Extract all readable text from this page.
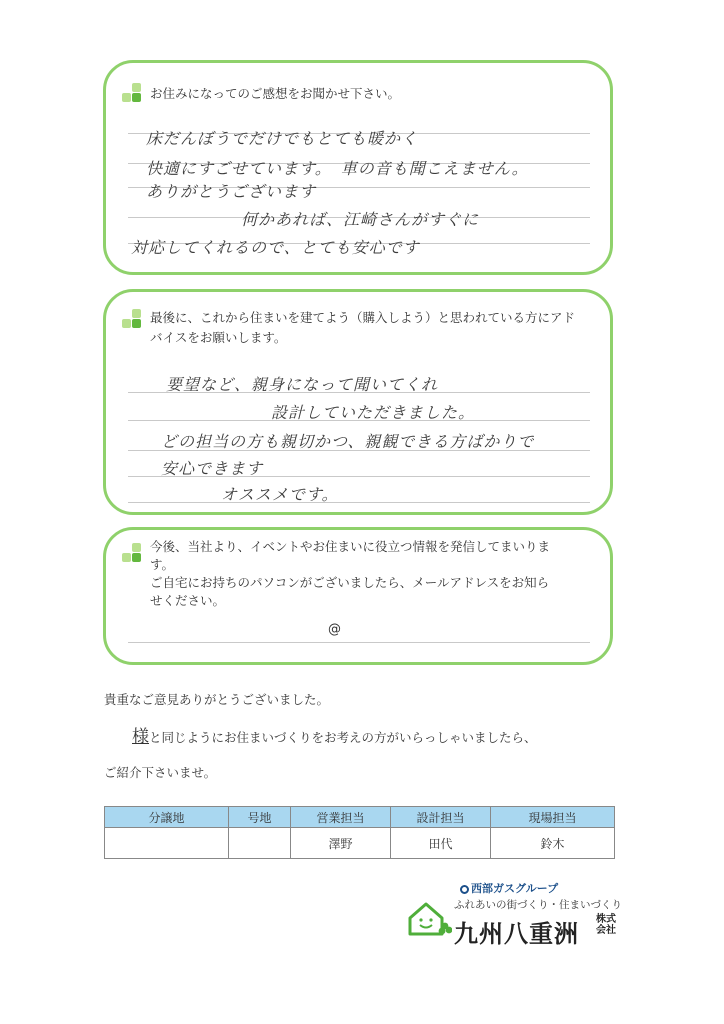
お住みになってのご感想をお聞かせ下さい。
床だんぼうでだけでもとても暖かく
快適にすごせています。　車の音も聞こえません。
ありがとうございます
何かあれば、江崎さんがすぐに
対応してくれるので、とても安心です
最後に、これから住まいを建てよう（購入しよう）と思われている方にアド
バイスをお願いします。
要望など、親身になって聞いてくれ
設計していただきました。
どの担当の方も親切かつ、親観できる方ばかりで
安心できます
オススメです。
今後、当社より、イベントやお住まいに役立つ情報を発信してまいりま
す。
ご自宅にお持ちのパソコンがございましたら、メールアドレスをお知ら
せください。
@
貴重なご意見ありがとうございました。
様と同じようにお住まいづくりをお考えの方がいらっしゃいましたら、
ご紹介下さいませ。
分譲地	号地	営業担当	設計担当	現場担当
		澤野	田代	鈴木
西部ガスグループ
ふれあいの街づくり・住まいづくり
九州八重洲
株式会社
